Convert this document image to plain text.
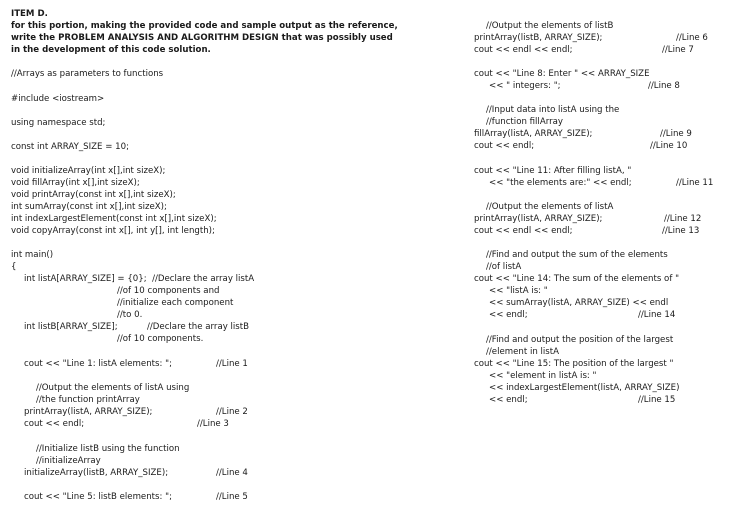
ITEM D.
for this portion, making the provided code and sample output as the reference,
write the PROBLEM ANALYSIS AND ALGORITHM DESIGN that was possibly used
in the development of this code solution.
//Arrays as parameters to functions
#include <iostream>
using namespace std;
const int ARRAY_SIZE = 10;
void initializeArray(int x[],int sizeX);
void fillArray(int x[],int sizeX);
void printArray(const int x[],int sizeX);
int sumArray(const int x[],int sizeX);
int indexLargestElement(const int x[],int sizeX);
void copyArray(const int x[], int y[], int length);
int main()
{
int listA[ARRAY_SIZE] = {0};  //Declare the array listA
//of 10 components and
//initialize each component
//to 0.
int listB[ARRAY_SIZE];	//Declare the array listB
//of 10 components.
cout << "Line 1: listA elements: ";	//Line 1
//Output the elements of listA using
//the function printArray
printArray(listA, ARRAY_SIZE);	//Line 2
cout << endl;	//Line 3
//Initialize listB using the function
//initializeArray
initializeArray(listB, ARRAY_SIZE);	//Line 4
cout << "Line 5: listB elements: ";	//Line 5
//Output the elements of listB
printArray(listB, ARRAY_SIZE);	//Line 6
cout << endl << endl;	//Line 7
cout << "Line 8: Enter " << ARRAY_SIZE
<< " integers: ";	//Line 8
//Input data into listA using the
//function fillArray
fillArray(listA, ARRAY_SIZE);	//Line 9
cout << endl;	//Line 10
cout << "Line 11: After filling listA, "
<< "the elements are:" << endl;	//Line 11
//Output the elements of listA
printArray(listA, ARRAY_SIZE);	//Line 12
cout << endl << endl;	//Line 13
//Find and output the sum of the elements
//of listA
cout << "Line 14: The sum of the elements of "
<< "listA is: "
<< sumArray(listA, ARRAY_SIZE) << endl
<< endl;	//Line 14
//Find and output the position of the largest
//element in listA
cout << "Line 15: The position of the largest "
<< "element in listA is: "
<< indexLargestElement(listA, ARRAY_SIZE)
<< endl;	//Line 15
